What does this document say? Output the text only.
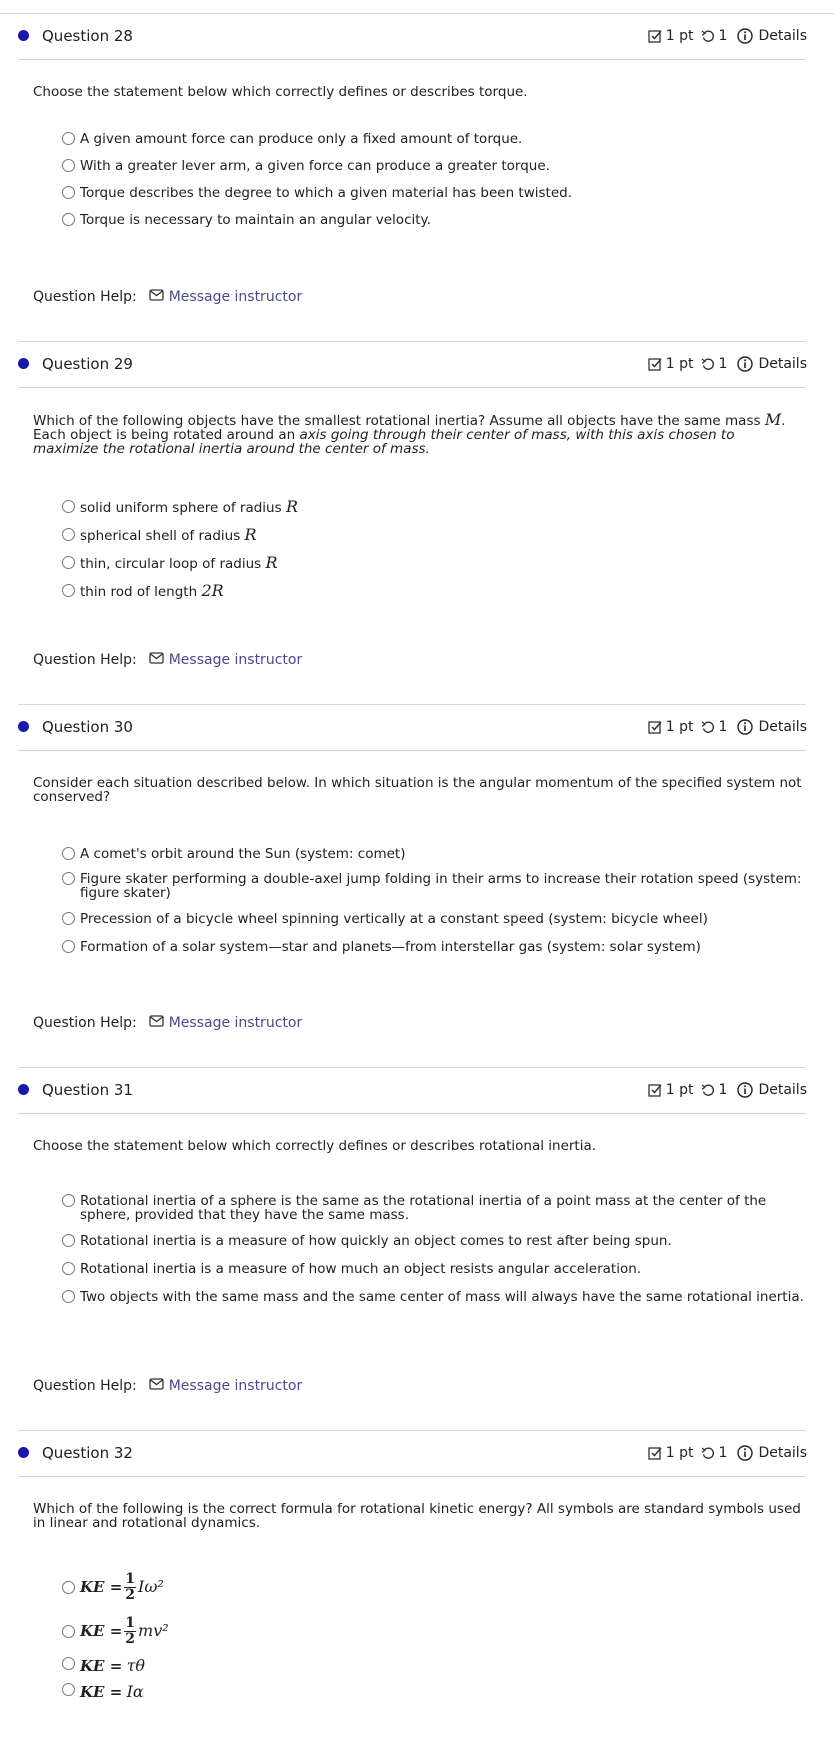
Question 28	1 pt 1 Details
Choose the statement below which correctly defines or describes torque.
A given amount force can produce only a fixed amount of torque.
With a greater lever arm, a given force can produce a greater torque.
Torque describes the degree to which a given material has been twisted.
Torque is necessary to maintain an angular velocity.
Question Help: Message instructor
Question 29	1 pt 1 Details
Which of the following objects have the smallest rotational inertia? Assume all objects have the same mass M. Each object is being rotated around an axis going through their center of mass, with this axis chosen to maximize the rotational inertia around the center of mass.
solid uniform sphere of radius R
spherical shell of radius R
thin, circular loop of radius R
thin rod of length 2R
Question Help: Message instructor
Question 30	1 pt 1 Details
Consider each situation described below. In which situation is the angular momentum of the specified system not conserved?
A comet's orbit around the Sun (system: comet)
Figure skater performing a double-axel jump folding in their arms to increase their rotation speed (system: figure skater)
Precession of a bicycle wheel spinning vertically at a constant speed (system: bicycle wheel)
Formation of a solar system—star and planets—from interstellar gas (system: solar system)
Question Help: Message instructor
Question 31	1 pt 1 Details
Choose the statement below which correctly defines or describes rotational inertia.
Rotational inertia of a sphere is the same as the rotational inertia of a point mass at the center of the sphere, provided that they have the same mass.
Rotational inertia is a measure of how quickly an object comes to rest after being spun.
Rotational inertia is a measure of how much an object resists angular acceleration.
Two objects with the same mass and the same center of mass will always have the same rotational inertia.
Question Help: Message instructor
Question 32	1 pt 1 Details
Which of the following is the correct formula for rotational kinetic energy? All symbols are standard symbols used in linear and rotational dynamics.
KE = $\frac{1}{2} I\omega^2$
KE = $\frac{1}{2} mv^2$
KE =
τθ
KE =
Iα
